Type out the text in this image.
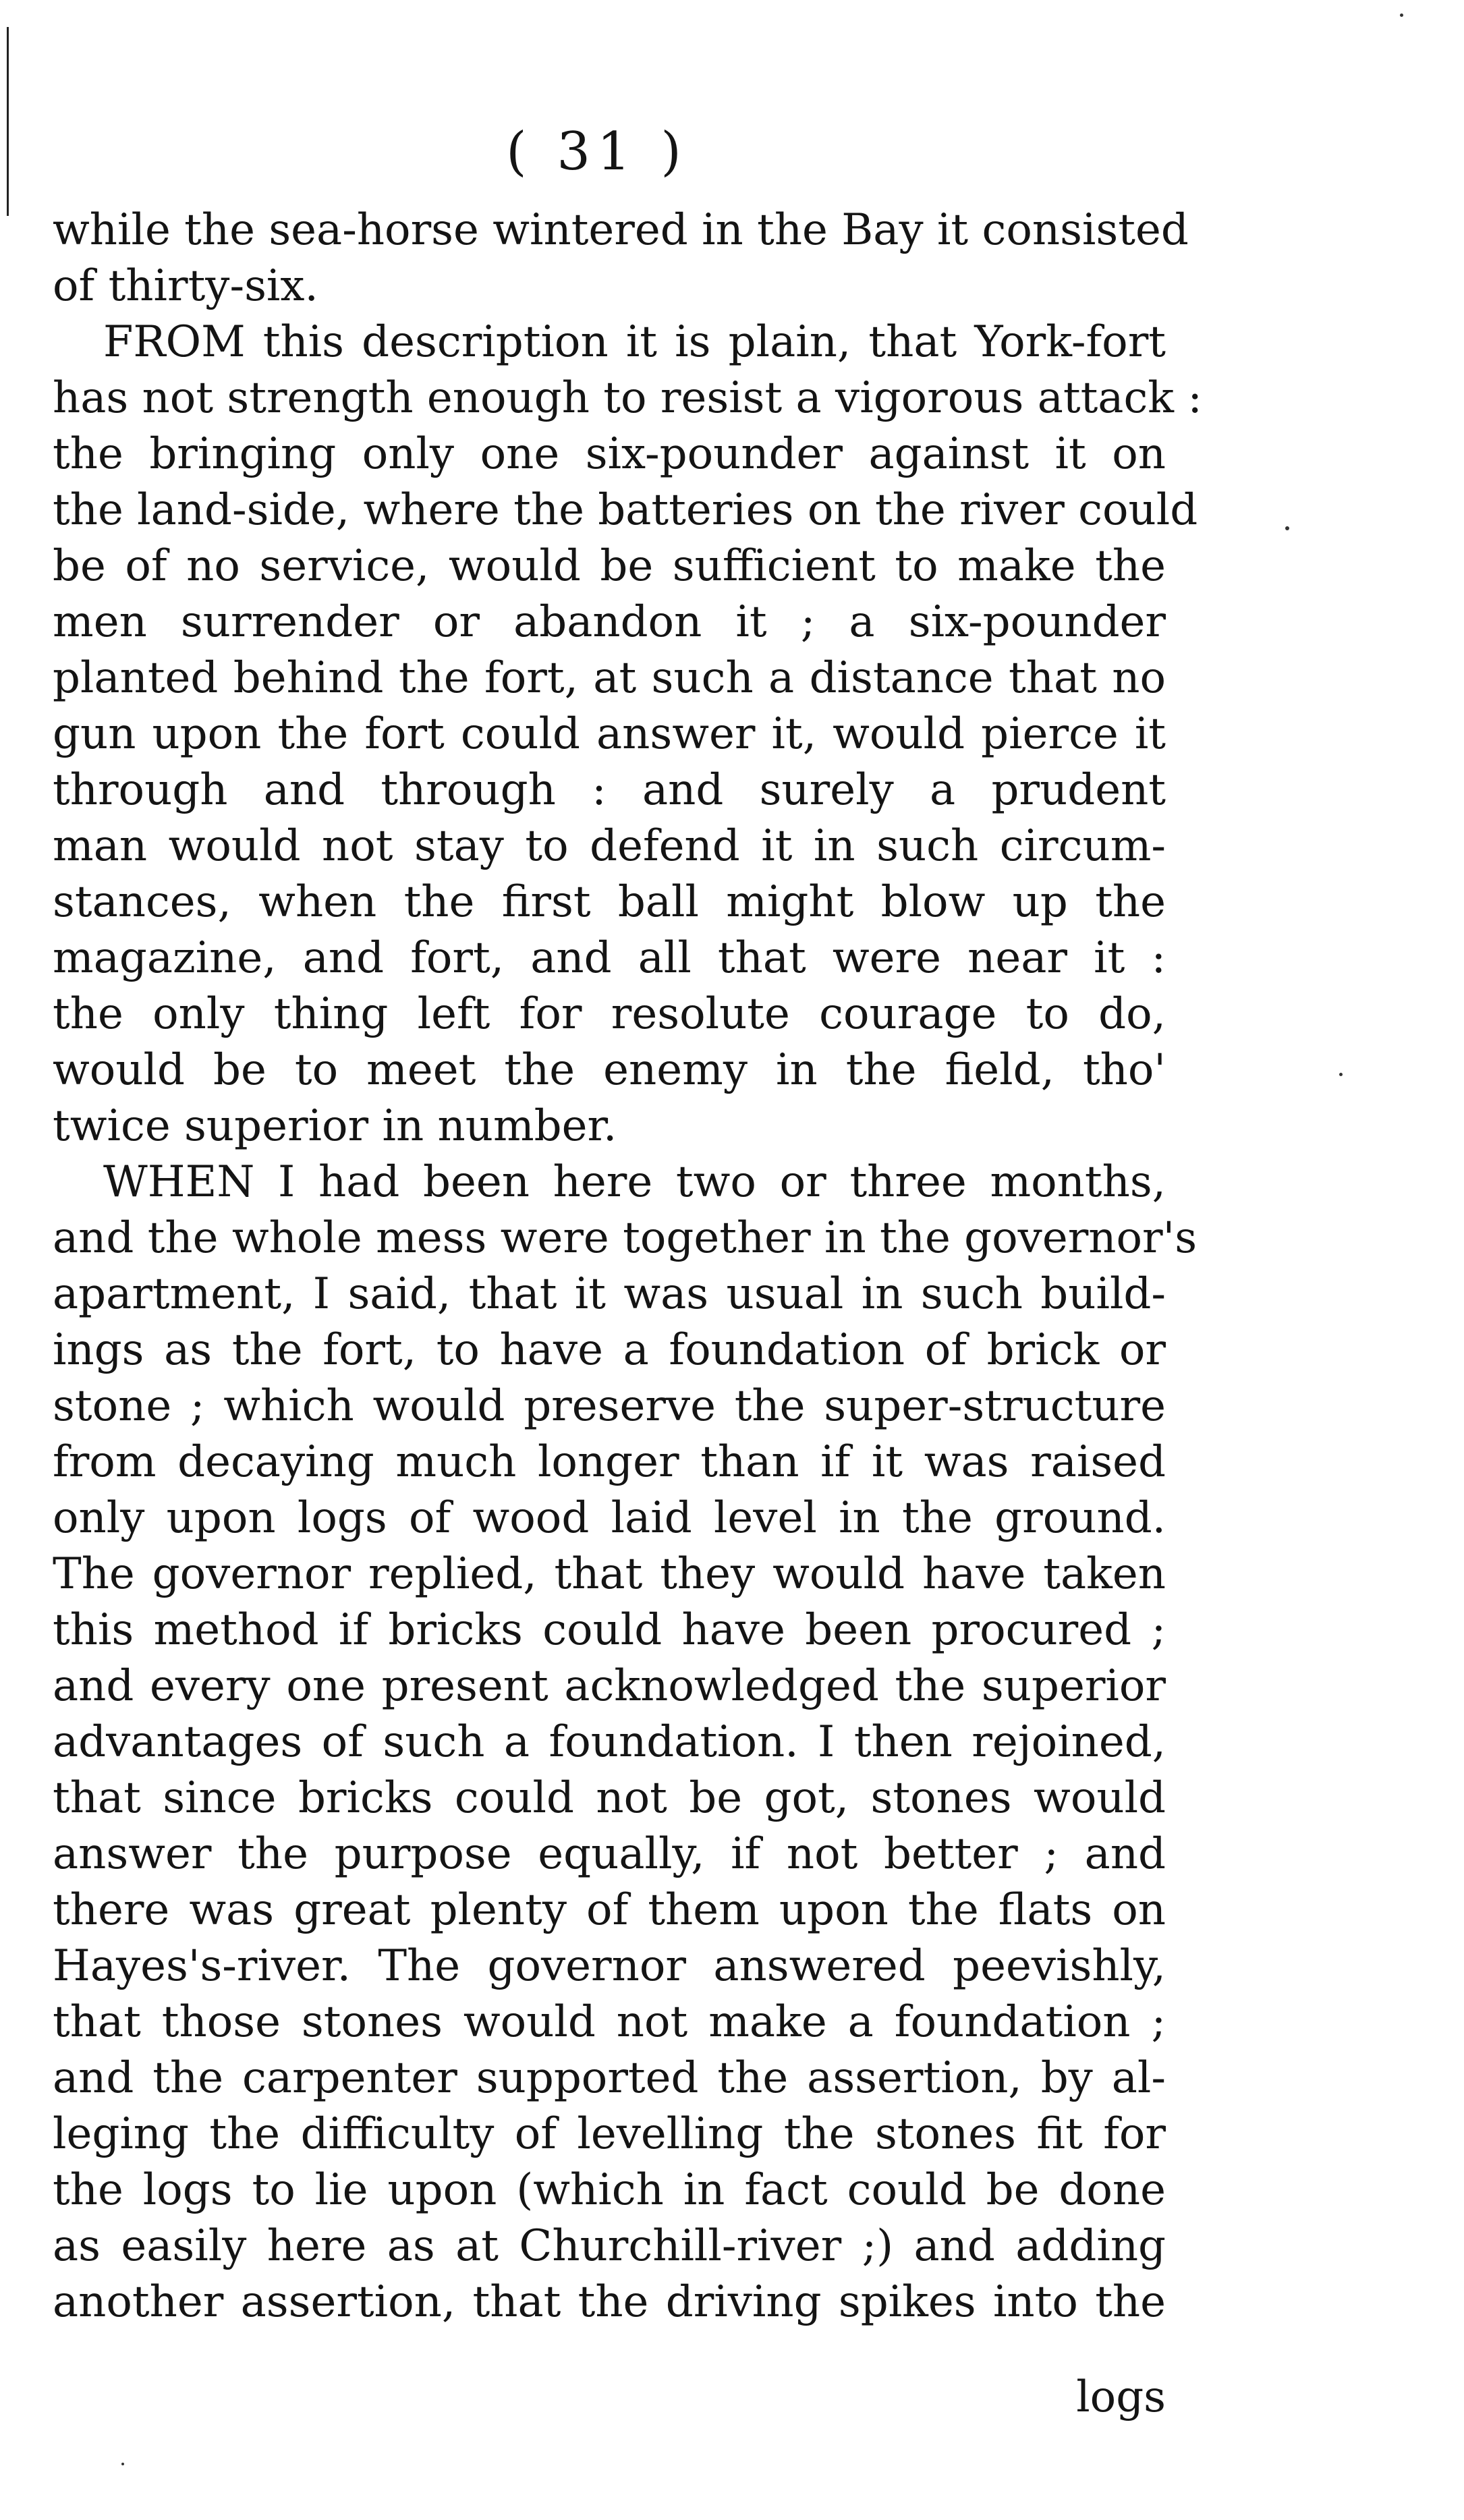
( 31 )
while the sea-horse wintered in the Bay it consisted
of thirty-six.
FROM this description it is plain, that York-fort
has not strength enough to resist a vigorous attack :
the bringing only one six-pounder against it on
the land-side, where the batteries on the river could
be of no service, would be sufficient to make the
men surrender or abandon it ; a six-pounder
planted behind the fort, at such a distance that no
gun upon the fort could answer it, would pierce it
through and through : and surely a prudent
man would not stay to defend it in such circum-
stances, when the first ball might blow up the
magazine, and fort, and all that were near it :
the only thing left for resolute courage to do,
would be to meet the enemy in the field, tho'
twice superior in number.
WHEN I had been here two or three months,
and the whole mess were together in the governor's
apartment, I said, that it was usual in such build-
ings as the fort, to have a foundation of brick or
stone ; which would preserve the super-structure
from decaying much longer than if it was raised
only upon logs of wood laid level in the ground.
The governor replied, that they would have taken
this method if bricks could have been procured ;
and every one present acknowledged the superior
advantages of such a foundation. I then rejoined,
that since bricks could not be got, stones would
answer the purpose equally, if not better ; and
there was great plenty of them upon the flats on
Hayes's-river. The governor answered peevishly,
that those stones would not make a foundation ;
and the carpenter supported the assertion, by al-
leging the difficulty of levelling the stones fit for
the logs to lie upon (which in fact could be done
as easily here as at Churchill-river ;) and adding
another assertion, that the driving spikes into the
logs
